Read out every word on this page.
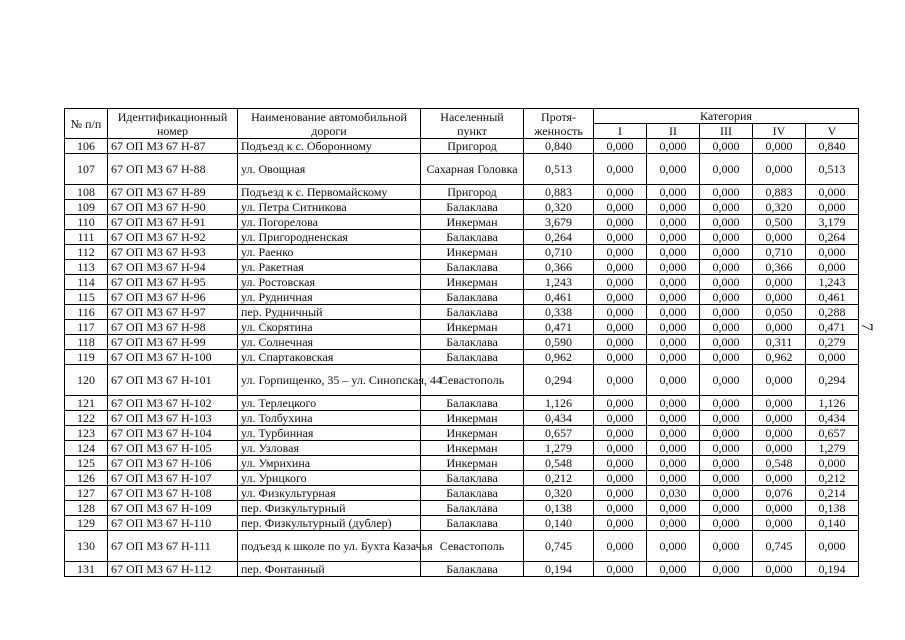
№ п/п	Идентификационный номер	Наименование автомобильной дороги	Населенный пункт	Протя- женность	Категория				
					I	II	III	IV	V
106	67 ОП МЗ 67 Н-87	Подъезд к с. Оборонному	Пригород	0,840	0,000	0,000	0,000	0,000	0,840
107	67 ОП МЗ 67 Н-88	ул. Овощная	Сахарная Головка	0,513	0,000	0,000	0,000	0,000	0,513
108	67 ОП МЗ 67 Н-89	Подъезд к с. Первомайскому	Пригород	0,883	0,000	0,000	0,000	0,883	0,000
109	67 ОП МЗ 67 Н-90	ул. Петра Ситникова	Балаклава	0,320	0,000	0,000	0,000	0,320	0,000
110	67 ОП МЗ 67 Н-91	ул. Погорелова	Инкерман	3,679	0,000	0,000	0,000	0,500	3,179
111	67 ОП МЗ 67 Н-92	ул. Пригородненская	Балаклава	0,264	0,000	0,000	0,000	0,000	0,264
112	67 ОП МЗ 67 Н-93	ул. Раенко	Инкерман	0,710	0,000	0,000	0,000	0,710	0,000
113	67 ОП МЗ 67 Н-94	ул. Ракетная	Балаклава	0,366	0,000	0,000	0,000	0,366	0,000
114	67 ОП МЗ 67 Н-95	ул. Ростовская	Инкерман	1,243	0,000	0,000	0,000	0,000	1,243
115	67 ОП МЗ 67 Н-96	ул. Рудничная	Балаклава	0,461	0,000	0,000	0,000	0,000	0,461
116	67 ОП МЗ 67 Н-97	пер. Рудничный	Балаклава	0,338	0,000	0,000	0,000	0,050	0,288
117	67 ОП МЗ 67 Н-98	ул. Скорятина	Инкерман	0,471	0,000	0,000	0,000	0,000	0,471
118	67 ОП МЗ 67 Н-99	ул. Солнечная	Балаклава	0,590	0,000	0,000	0,000	0,311	0,279
119	67 ОП МЗ 67 Н-100	ул. Спартаковская	Балаклава	0,962	0,000	0,000	0,000	0,962	0,000
120	67 ОП МЗ 67 Н-101	ул. Горпищенко, 35 – ул. Синопская, 44	Севастополь	0,294	0,000	0,000	0,000	0,000	0,294
121	67 ОП МЗ 67 Н-102	ул. Терлецкого	Балаклава	1,126	0,000	0,000	0,000	0,000	1,126
122	67 ОП МЗ 67 Н-103	ул. Толбухина	Инкерман	0,434	0,000	0,000	0,000	0,000	0,434
123	67 ОП МЗ 67 Н-104	ул. Турбинная	Инкерман	0,657	0,000	0,000	0,000	0,000	0,657
124	67 ОП МЗ 67 Н-105	ул. Узловая	Инкерман	1,279	0,000	0,000	0,000	0,000	1,279
125	67 ОП МЗ 67 Н-106	ул. Умрихина	Инкерман	0,548	0,000	0,000	0,000	0,548	0,000
126	67 ОП МЗ 67 Н-107	ул. Урицкого	Балаклава	0,212	0,000	0,000	0,000	0,000	0,212
127	67 ОП МЗ 67 Н-108	ул. Физкультурная	Балаклава	0,320	0,000	0,030	0,000	0,076	0,214
128	67 ОП МЗ 67 Н-109	пер. Физкультурный	Балаклава	0,138	0,000	0,000	0,000	0,000	0,138
129	67 ОП МЗ 67 Н-110	пер. Физкультурный (дублер)	Балаклава	0,140	0,000	0,000	0,000	0,000	0,140
130	67 ОП МЗ 67 Н-111	подъезд к школе по ул. Бухта Казачья	Севастополь	0,745	0,000	0,000	0,000	0,745	0,000
131	67 ОП МЗ 67 Н-112	пер. Фонтанный	Балаклава	0,194	0,000	0,000	0,000	0,000	0,194
7
